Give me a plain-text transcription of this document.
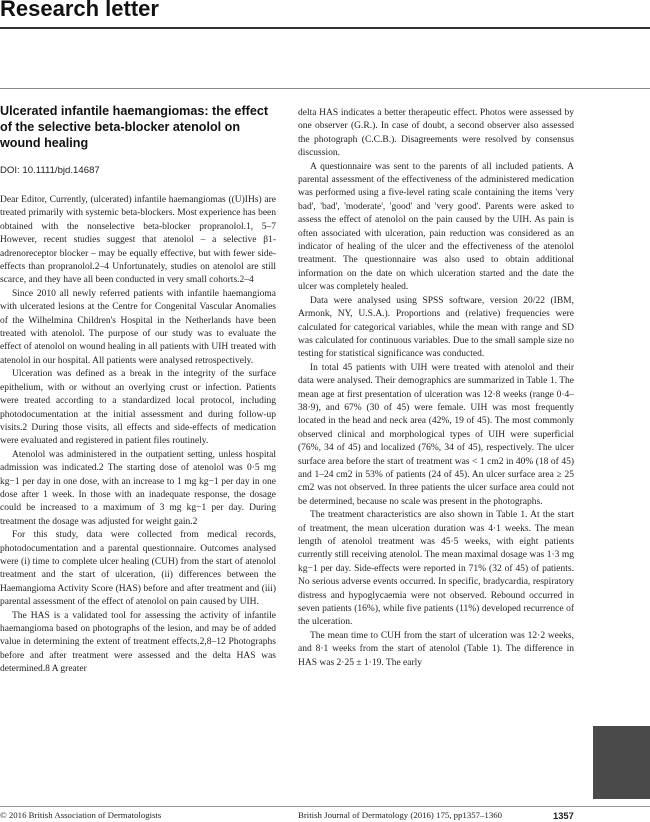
Research letter
Ulcerated infantile haemangiomas: the effect of the selective beta-blocker atenolol on wound healing
DOI: 10.1111/bjd.14687

Dear Editor, Currently, (ulcerated) infantile haemangiomas ((U)IHs) are treated primarily with systemic beta-blockers. Most experience has been obtained with the nonselective beta-blocker propranolol.1, 5–7 However, recent studies suggest that atenolol – a selective β1-adrenoreceptor blocker – may be equally effective, but with fewer side-effects than propranolol.2–4 Unfortunately, studies on atenolol are still scarce, and they have all been conducted in very small cohorts.2–4

Since 2010 all newly referred patients with infantile haemangioma with ulcerated lesions at the Centre for Congenital Vascular Anomalies of the Wilhelmina Children's Hospital in the Netherlands have been treated with atenolol. The purpose of our study was to evaluate the effect of atenolol on wound healing in all patients with UIH treated with atenolol in our hospital. All patients were analysed retrospectively.

Ulceration was defined as a break in the integrity of the surface epithelium, with or without an overlying crust or infection. Patients were treated according to a standardized local protocol, including photodocumentation at the initial assessment and during follow-up visits.2 During those visits, all effects and side-effects of medication were evaluated and registered in patient files routinely.

Atenolol was administered in the outpatient setting, unless hospital admission was indicated.2 The starting dose of atenolol was 0·5 mg kg−1 per day in one dose, with an increase to 1 mg kg−1 per day in one dose after 1 week. In those with an inadequate response, the dosage could be increased to a maximum of 3 mg kg−1 per day. During treatment the dosage was adjusted for weight gain.2

For this study, data were collected from medical records, photodocumentation and a parental questionnaire. Outcomes analysed were (i) time to complete ulcer healing (CUH) from the start of atenolol treatment and the start of ulceration, (ii) differences between the Haemangioma Activity Score (HAS) before and after treatment and (iii) parental assessment of the effect of atenolol on pain caused by UIH.

The HAS is a validated tool for assessing the activity of infantile haemangioma based on photographs of the lesion, and may be of added value in determining the extent of treatment effects.2,8–12 Photographs before and after treatment were assessed and the delta HAS was determined.8 A greater

delta HAS indicates a better therapeutic effect. Photos were assessed by one observer (G.R.). In case of doubt, a second observer also assessed the photograph (C.C.B.). Disagreements were resolved by consensus discussion.

A questionnaire was sent to the parents of all included patients. A parental assessment of the effectiveness of the administered medication was performed using a five-level rating scale containing the items 'very bad', 'bad', 'moderate', 'good' and 'very good'. Parents were asked to assess the effect of atenolol on the pain caused by the UIH. As pain is often associated with ulceration, pain reduction was considered as an indicator of healing of the ulcer and the effectiveness of the atenolol treatment. The questionnaire was also used to obtain additional information on the date on which ulceration started and the date the ulcer was completely healed.

Data were analysed using SPSS software, version 20/22 (IBM, Armonk, NY, U.S.A.). Proportions and (relative) frequencies were calculated for categorical variables, while the mean with range and SD was calculated for continuous variables. Due to the small sample size no testing for statistical significance was conducted.

In total 45 patients with UIH were treated with atenolol and their data were analysed. Their demographics are summarized in Table 1. The mean age at first presentation of ulceration was 12·8 weeks (range 0·4–38·9), and 67% (30 of 45) were female. UIH was most frequently located in the head and neck area (42%, 19 of 45). The most commonly observed clinical and morphological types of UIH were superficial (76%, 34 of 45) and localized (76%, 34 of 45), respectively. The ulcer surface area before the start of treatment was < 1 cm2 in 40% (18 of 45) and 1–24 cm2 in 53% of patients (24 of 45). An ulcer surface area ≥ 25 cm2 was not observed. In three patients the ulcer surface area could not be determined, because no scale was present in the photographs.

The treatment characteristics are also shown in Table 1. At the start of treatment, the mean ulceration duration was 4·1 weeks. The mean length of atenolol treatment was 45·5 weeks, with eight patients currently still receiving atenolol. The mean maximal dosage was 1·3 mg kg−1 per day. Side-effects were reported in 71% (32 of 45) of patients. No serious adverse events occurred. In specific, bradycardia, respiratory distress and hypoglycaemia were not observed. Rebound occurred in seven patients (16%), while five patients (11%) developed recurrence of the ulceration.

The mean time to CUH from the start of ulceration was 12·2 weeks, and 8·1 weeks from the start of atenolol (Table 1). The difference in HAS was 2·25 ± 1·19. The early

© 2016 British Association of Dermatologists	British Journal of Dermatology (2016) 175, pp1357–1360	1357
